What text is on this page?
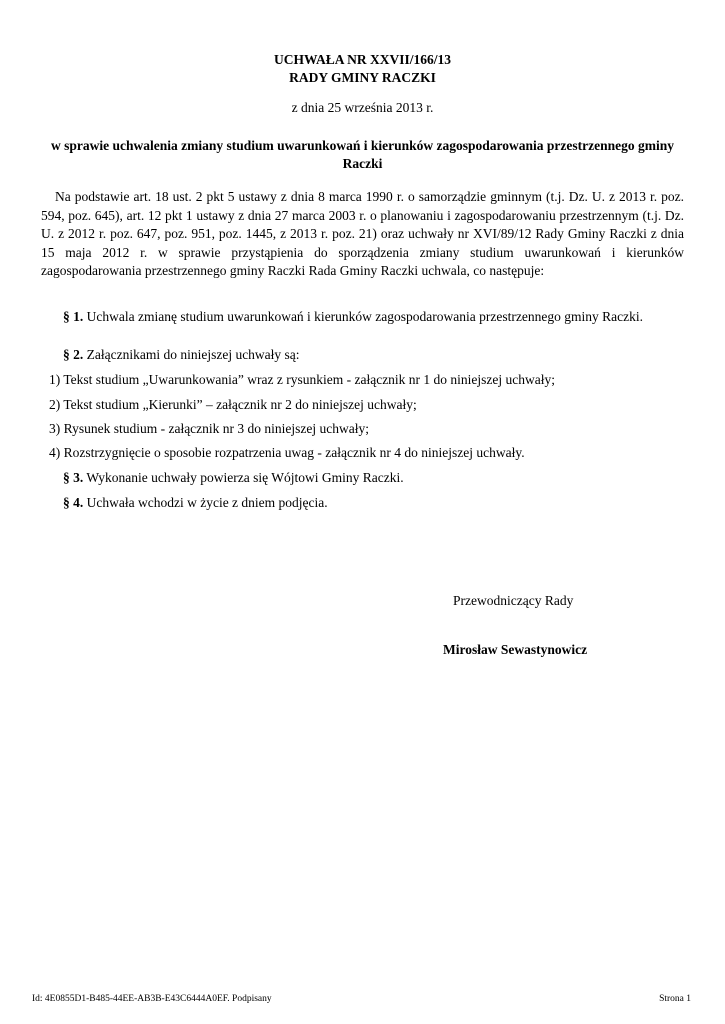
UCHWAŁA NR XXVII/166/13
RADY GMINY RACZKI
z dnia 25 września 2013 r.
w sprawie uchwalenia zmiany studium uwarunkowań i kierunków zagospodarowania przestrzennego gminy Raczki
Na podstawie art. 18 ust. 2 pkt 5 ustawy z dnia 8 marca 1990 r. o samorządzie gminnym (t.j. Dz. U. z 2013 r. poz. 594, poz. 645), art. 12 pkt 1 ustawy z dnia 27 marca 2003 r. o planowaniu i zagospodarowaniu przestrzennym (t.j. Dz. U. z 2012 r. poz. 647, poz. 951, poz. 1445, z 2013 r. poz. 21) oraz uchwały nr XVI/89/12 Rady Gminy Raczki z dnia 15 maja 2012 r. w sprawie przystąpienia do sporządzenia zmiany studium uwarunkowań i kierunków zagospodarowania przestrzennego gminy Raczki Rada Gminy Raczki uchwala, co następuje:
§ 1. Uchwala zmianę studium uwarunkowań i kierunków zagospodarowania przestrzennego gminy Raczki.
§ 2. Załącznikami do niniejszej uchwały są:
1) Tekst studium „Uwarunkowania” wraz z rysunkiem - załącznik nr 1 do niniejszej uchwały;
2) Tekst studium „Kierunki” – załącznik nr 2 do niniejszej uchwały;
3) Rysunek studium - załącznik nr 3 do niniejszej uchwały;
4) Rozstrzygnięcie o sposobie rozpatrzenia uwag - załącznik nr 4 do niniejszej uchwały.
§ 3. Wykonanie uchwały powierza się Wójtowi Gminy Raczki.
§ 4. Uchwała wchodzi w życie z dniem podjęcia.
Przewodniczący Rady
Mirosław Sewastynowicz
Id: 4E0855D1-B485-44EE-AB3B-E43C6444A0EF. Podpisany	Strona 1
